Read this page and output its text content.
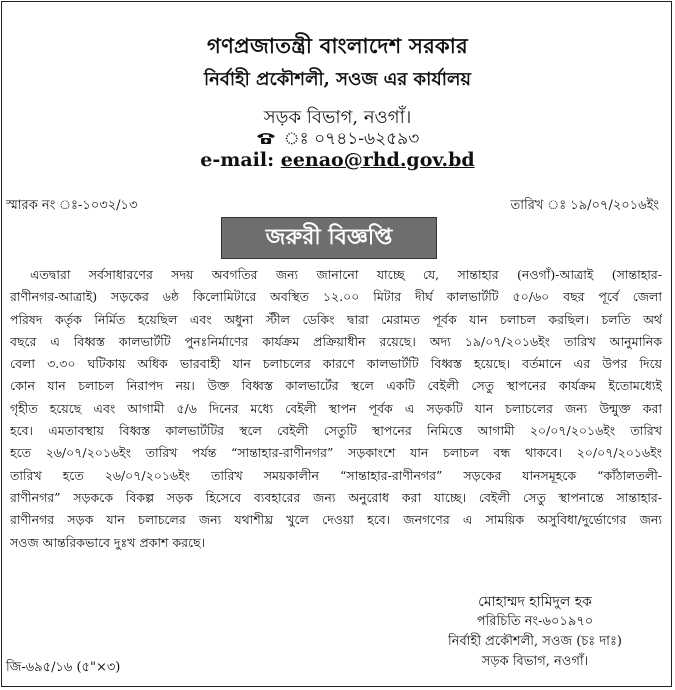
গণপ্রজাতন্ত্রী বাংলাদেশ সরকার
নির্বাহী প্রকৌশলী, সওজ এর কার্যালয়
সড়ক বিভাগ, নওগাঁ।
ঃ ০৭৪১-৬২৫৯৩
e-mail: eenao@rhd.gov.bd
স্মারক নং ঃ-১০৩২/১৩	তারিখ ঃ ১৯/০৭/২০১৬ইং
জরুরী বিজ্ঞপ্তি
এতদ্বারা সর্বসাধারণের সদয় অবগতির জন্য জানানো যাচ্ছে যে, সান্তাহার (নওগাঁ)-আত্রাই (সান্তাহার-
রাণীনগর-আত্রাই) সড়কের ৬ষ্ঠ কিলোমিটারে অবস্থিত ১২.০০ মিটার দীর্ঘ কালভার্টটি ৫০/৬০ বছর পূর্বে জেলা
পরিষদ কর্তৃক নির্মিত হয়েছিল এবং অধুনা স্টীল ডেকিং দ্বারা মেরামত পূর্বক যান চলাচল করছিল। চলতি অর্থ
বছরে এ বিধ্বস্ত কালভার্টটি পুনঃনির্মাণের কার্যক্রম প্রক্রিয়াধীন রয়েছে। অদ্য ১৯/০৭/২০১৬ইং তারিখ আনুমানিক
বেলা ৩.৩০ ঘটিকায় অধিক ভারবাহী যান চলাচলের কারণে কালভার্টটি বিধ্বস্ত হয়েছে। বর্তমানে এর উপর দিয়ে
কোন যান চলাচল নিরাপদ নয়। উক্ত বিধ্বস্ত কালভার্টের স্থলে একটি বেইলী সেতু স্থাপনের কার্যক্রম ইতোমধ্যেই
গৃহীত হয়েছে এবং আগামী ৫/৬ দিনের মধ্যে বেইলী স্থাপন পূর্বক এ সড়কটি যান চলাচলের জন্য উন্মুক্ত করা
হবে। এমতাবস্থায় বিধ্বস্ত কালভার্টটির স্থলে বেইলী সেতুটি স্থাপনের নিমিত্তে আগামী ২০/০৭/২০১৬ইং তারিখ
হতে ২৬/০৭/২০১৬ইং তারিখ পর্যন্ত “সান্তাহার-রাণীনগর” সড়কাংশে যান চলাচল বন্ধ থাকবে। ২০/০৭/২০১৬ইং
তারিখ হতে ২৬/০৭/২০১৬ইং তারিখ সময়কালীন “সান্তাহার-রাণীনগর” সড়কের যানসমূহকে “কাঁঠালতলী-
রাণীনগর” সড়ককে বিকল্প সড়ক হিসেবে ব্যবহারের জন্য অনুরোধ করা যাচ্ছে। বেইলী সেতু স্থাপনান্তে সান্তাহার-
রাণীনগর সড়ক যান চলাচলের জন্য যথাশীঘ্র খুলে দেওয়া হবে। জনগণের এ সাময়িক অসুবিধা/দুর্ভোগের জন্য
সওজ আন্তরিকভাবে দুঃখ প্রকাশ করছে।
মোহাম্মদ হামিদুল হক
পরিচিতি নং-৬০১৯৭০
নির্বাহী প্রকৌশলী, সওজ (চঃ দাঃ)
সড়ক বিভাগ, নওগাঁ।
জি-৬৯৫/১৬ (৫"×৩)
